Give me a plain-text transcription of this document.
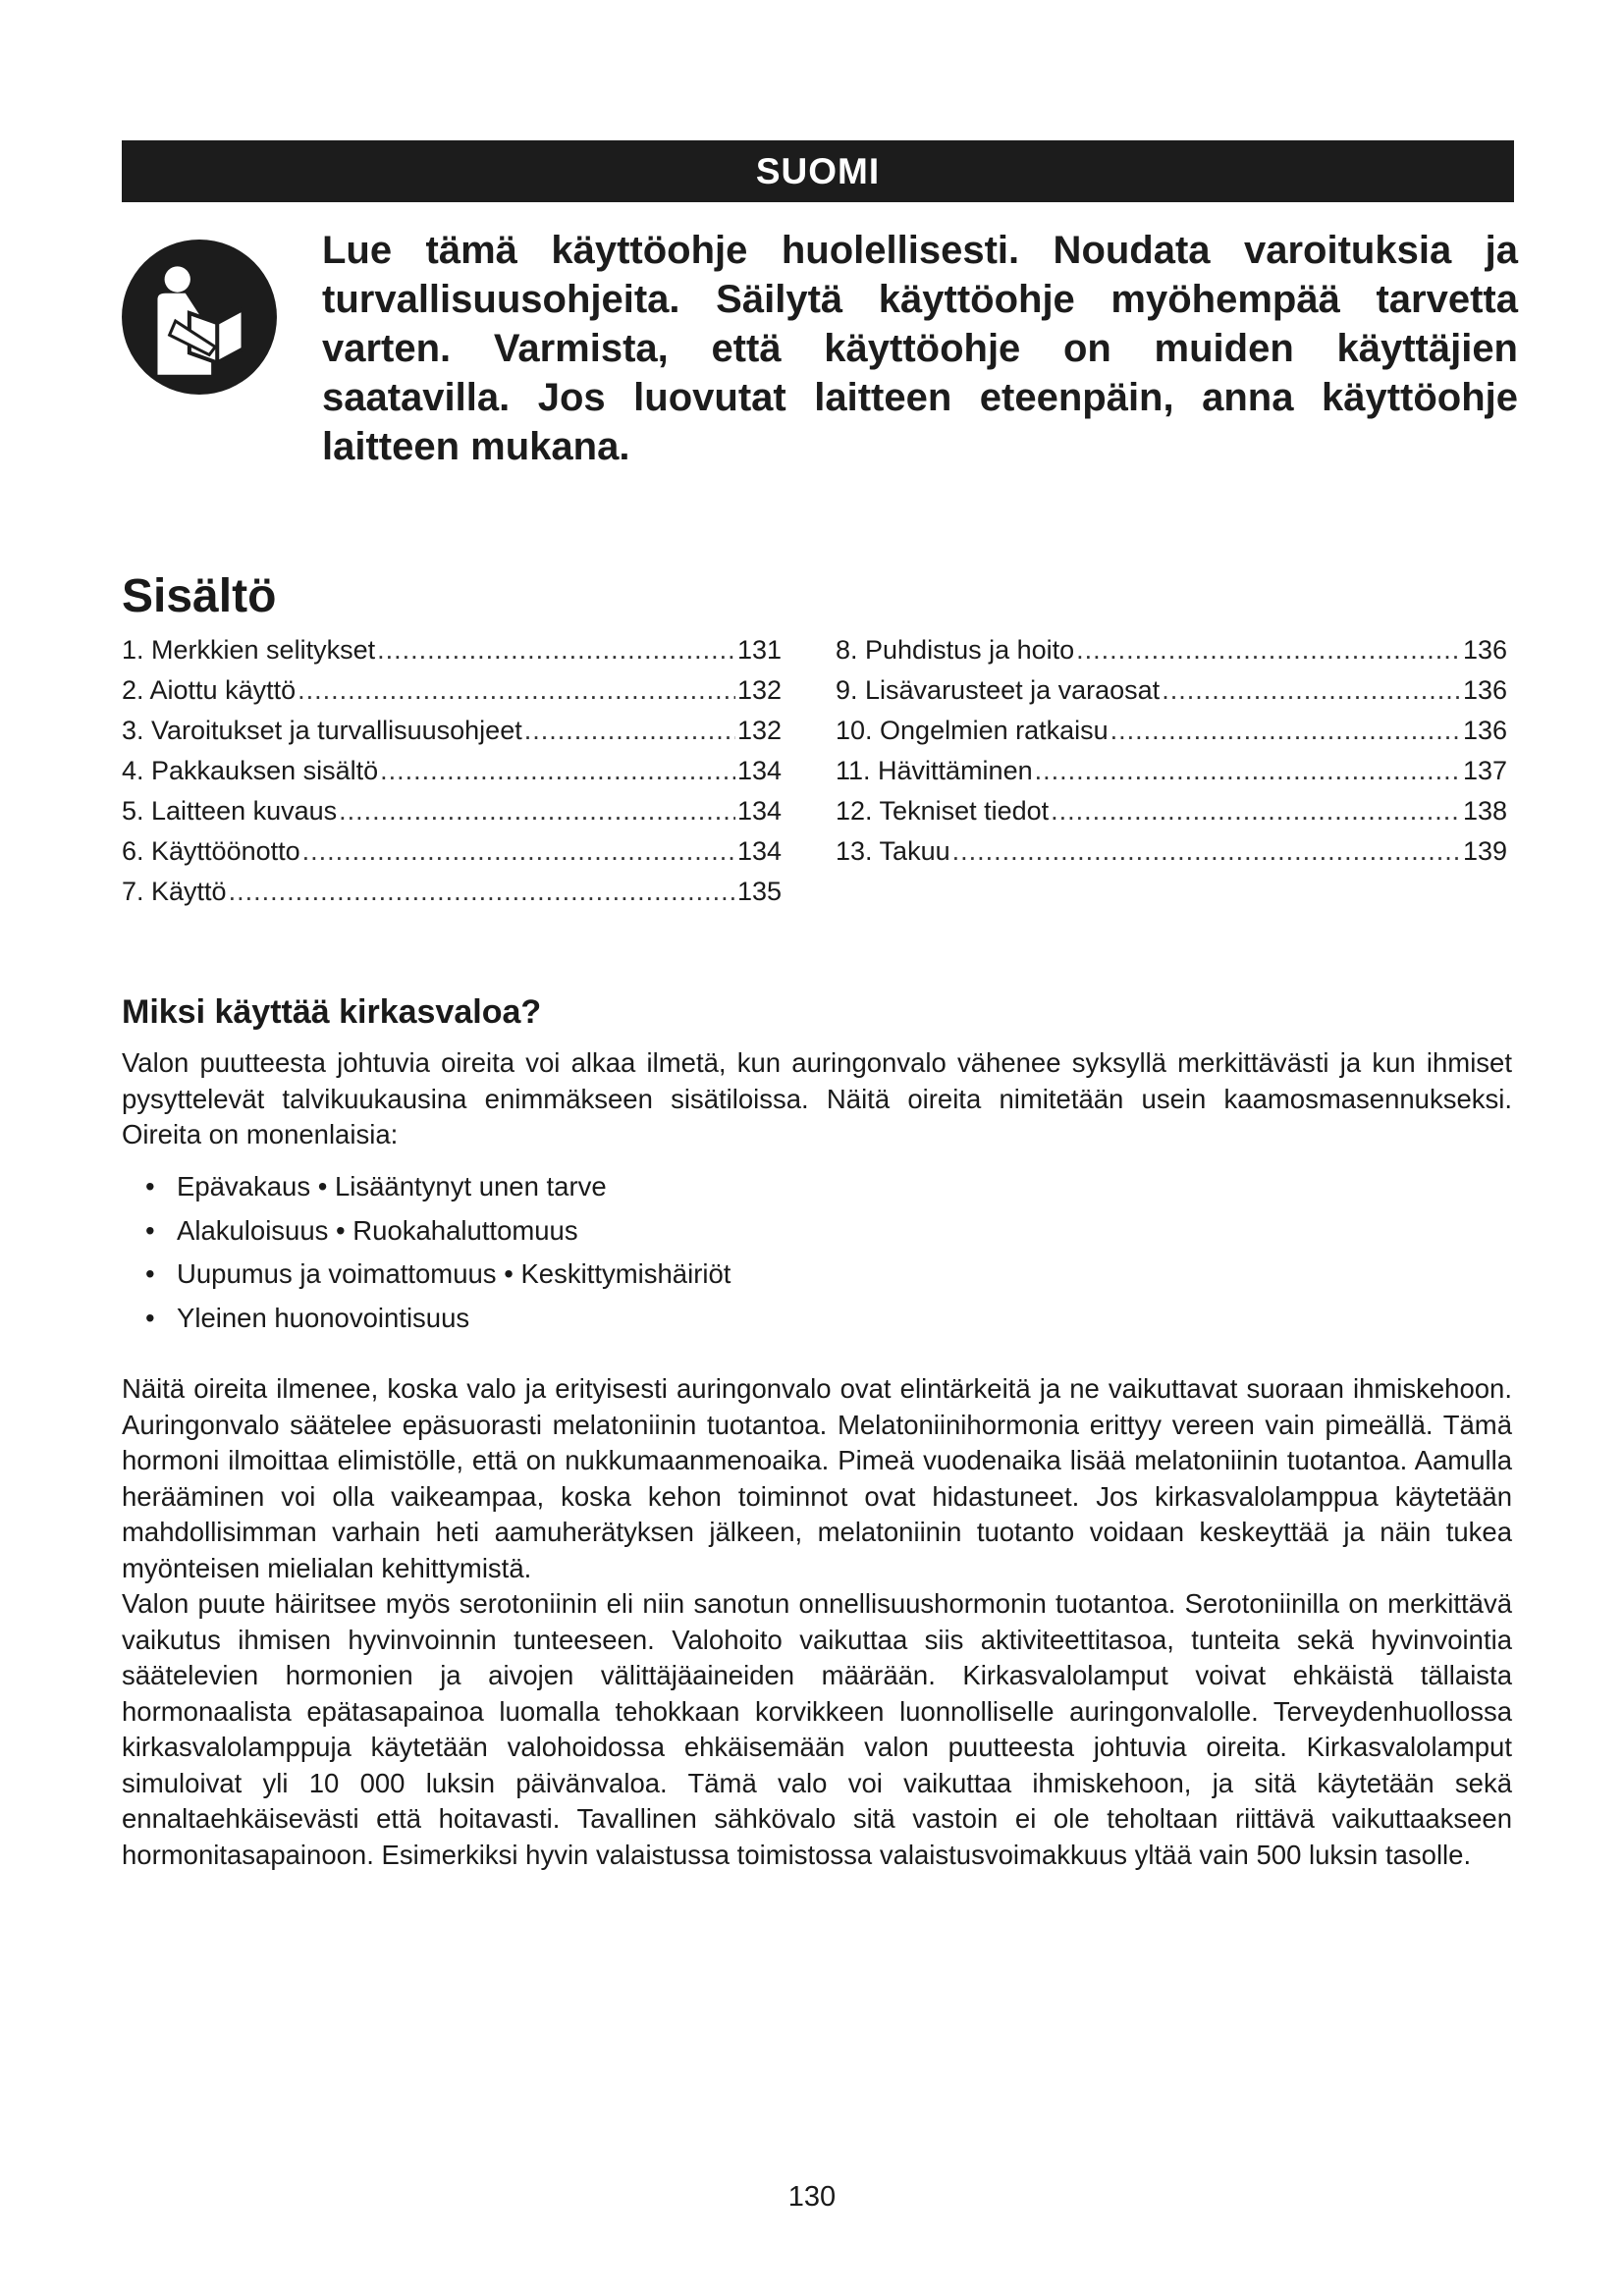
SUOMI
Lue tämä käyttöohje huolellisesti. Noudata varoituksia ja turvallisuusohjeita. Säilytä käyttöohje myöhempää tarvetta varten. Varmista, että käyttöohje on muiden käyttäjien saatavilla. Jos luovutat laitteen eteenpäin, anna käyttöohje laitteen mukana.
Sisältö
1. Merkkien selitykset .....	131
2. Aiottu käyttö .....	132
3. Varoitukset ja turvallisuusohjeet .....	132
4. Pakkauksen sisältö .....	134
5. Laitteen kuvaus .....	134
6. Käyttöönotto .....	134
7. Käyttö .....	135
8. Puhdistus ja hoito .....	136
9. Lisävarusteet ja varaosat .....	136
10. Ongelmien ratkaisu .....	136
11. Hävittäminen .....	137
12. Tekniset tiedot .....	138
13. Takuu .....	139
Miksi käyttää kirkasvaloa?

Valon puutteesta johtuvia oireita voi alkaa ilmetä, kun auringonvalo vähenee syksyllä merkittävästi ja kun ihmiset pysyttelevät talvikuukausina enimmäkseen sisätiloissa. Näitä oireita nimitetään usein kaamosmasennukseksi. Oireita on monenlaisia:

• Epävakaus • Lisääntynyt unen tarve
• Alakuloisuus • Ruokahaluttomuus
• Uupumus ja voimattomuus • Keskittymishäiriöt
• Yleinen huonovointisuus
Näitä oireita ilmenee, koska valo ja erityisesti auringonvalo ovat elintärkeitä ja ne vaikuttavat suoraan ihmiskehoon. Auringonvalo säätelee epäsuorasti melatoniinin tuotantoa. Melatoniinihormonia erittyy vereen vain pimeällä. Tämä hormoni ilmoittaa elimistölle, että on nukkumaanmenoaika. Pimeä vuodenaika lisää melatoniinin tuotantoa. Aamulla herääminen voi olla vaikeampaa, koska kehon toiminnot ovat hidastuneet. Jos kirkasvalolamppua käytetään mahdollisimman varhain heti aamuherätyksen jälkeen, melatoniinin tuotanto voidaan keskeyttää ja näin tukea myönteisen mielialan kehittymistä.
Valon puute häiritsee myös serotoniinin eli niin sanotun onnellisuushormonin tuotantoa. Serotoniinilla on merkittävä vaikutus ihmisen hyvinvoinnin tunteeseen. Valohoito vaikuttaa siis aktiviteettitasoa, tunteita sekä hyvinvointia säätelevien hormonien ja aivojen välittäjäaineiden määrään. Kirkasvalolamput voivat ehkäistä tällaista hormonaalista epätasapainoa luomalla tehokkaan korvikkeen luonnolliselle auringonvalolle. Terveydenhuollossa kirkasvalolamppuja käytetään valohoidossa ehkäisemään valon puutteesta johtuvia oireita. Kirkasvalolamput simuloivat yli 10 000 luksin päivänvaloa. Tämä valo voi vaikuttaa ihmiskehoon, ja sitä käytetään sekä ennaltaehkäisevästi että hoitavasti. Tavallinen sähkövalo sitä vastoin ei ole teholtaan riittävä vaikuttaakseen hormonitasapainoon. Esimerkiksi hyvin valaistussa toimistossa valaistusvoimakkuus yltää vain 500 luksin tasolle.
130
